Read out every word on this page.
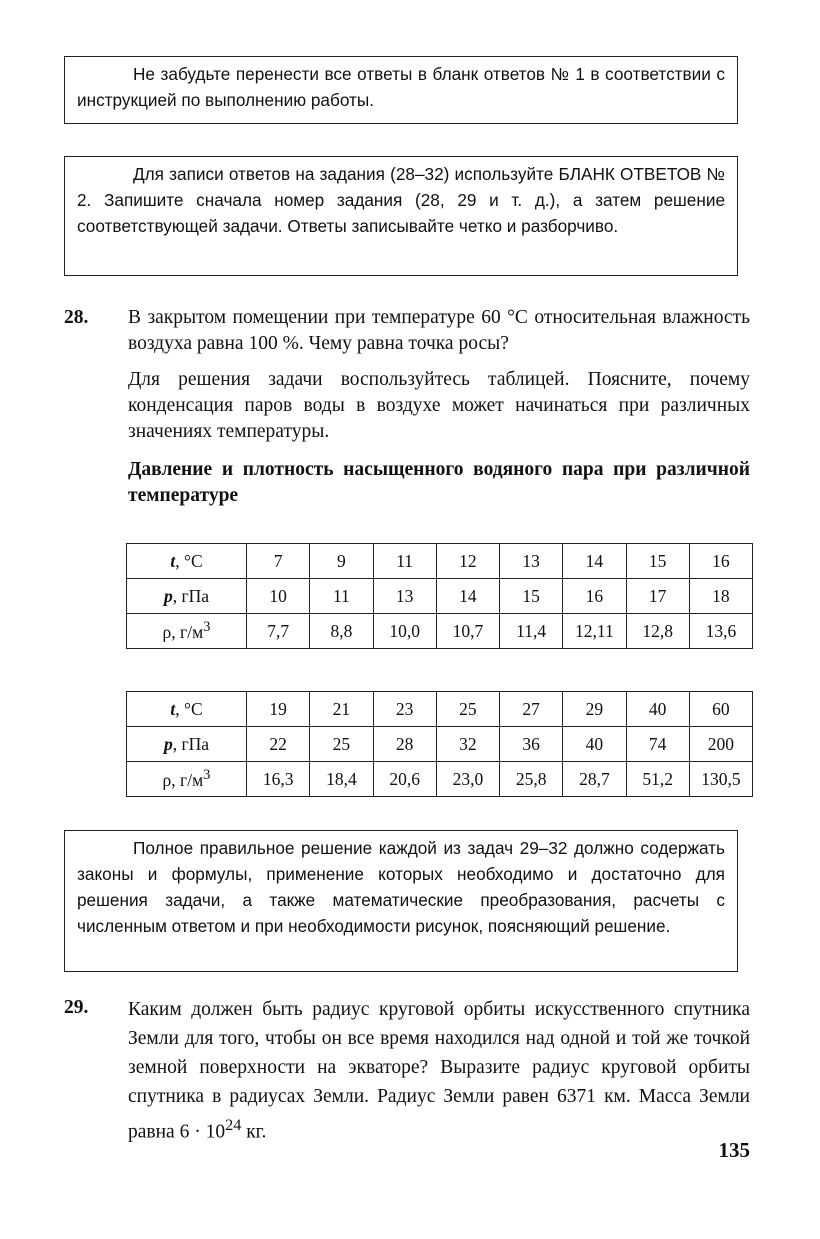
Не забудьте перенести все ответы в бланк ответов № 1 в соответствии с инструкцией по выполнению работы.

Для записи ответов на задания (28–32) используйте БЛАНК ОТВЕТОВ № 2. Запишите сначала номер задания (28, 29 и т. д.), а затем решение соответствующей задачи. Ответы записывайте четко и разборчиво.

28. В закрытом помещении при температуре 60 °С относительная влажность воздуха равна 100 %. Чему равна точка росы?

Для решения задачи воспользуйтесь таблицей. Поясните, почему конденсация паров воды в воздухе может начинаться при различных значениях температуры.

Давление и плотность насыщенного водяного пара при различной температуре

t, °С	7	9	11	12	13	14	15	16
p, гПа	10	11	13	14	15	16	17	18
ρ, $г/м^3$	7,7	8,8	10,0	10,7	11,4	12,11	12,8	13,6
t, °С	19	21	23	25	27	29	40	60
p, гПа	22	25	28	32	36	40	74	200
ρ, $г/м^3$	16,3	18,4	20,6	23,0	25,8	28,7	51,2	130,5

Полное правильное решение каждой из задач 29–32 должно содержать законы и формулы, применение которых необходимо и достаточно для решения задачи, а также математические преобразования, расчеты с численным ответом и при необходимости рисунок, поясняющий решение.

29. Каким должен быть радиус круговой орбиты искусственного спутника Земли для того, чтобы он все время находился над одной и той же точкой земной поверхности на экваторе? Выразите радиус круговой орбиты спутника в радиусах Земли. Радиус Земли равен 6371 км. Масса Земли равна $6 \cdot 10^{24}$ кг.

135
